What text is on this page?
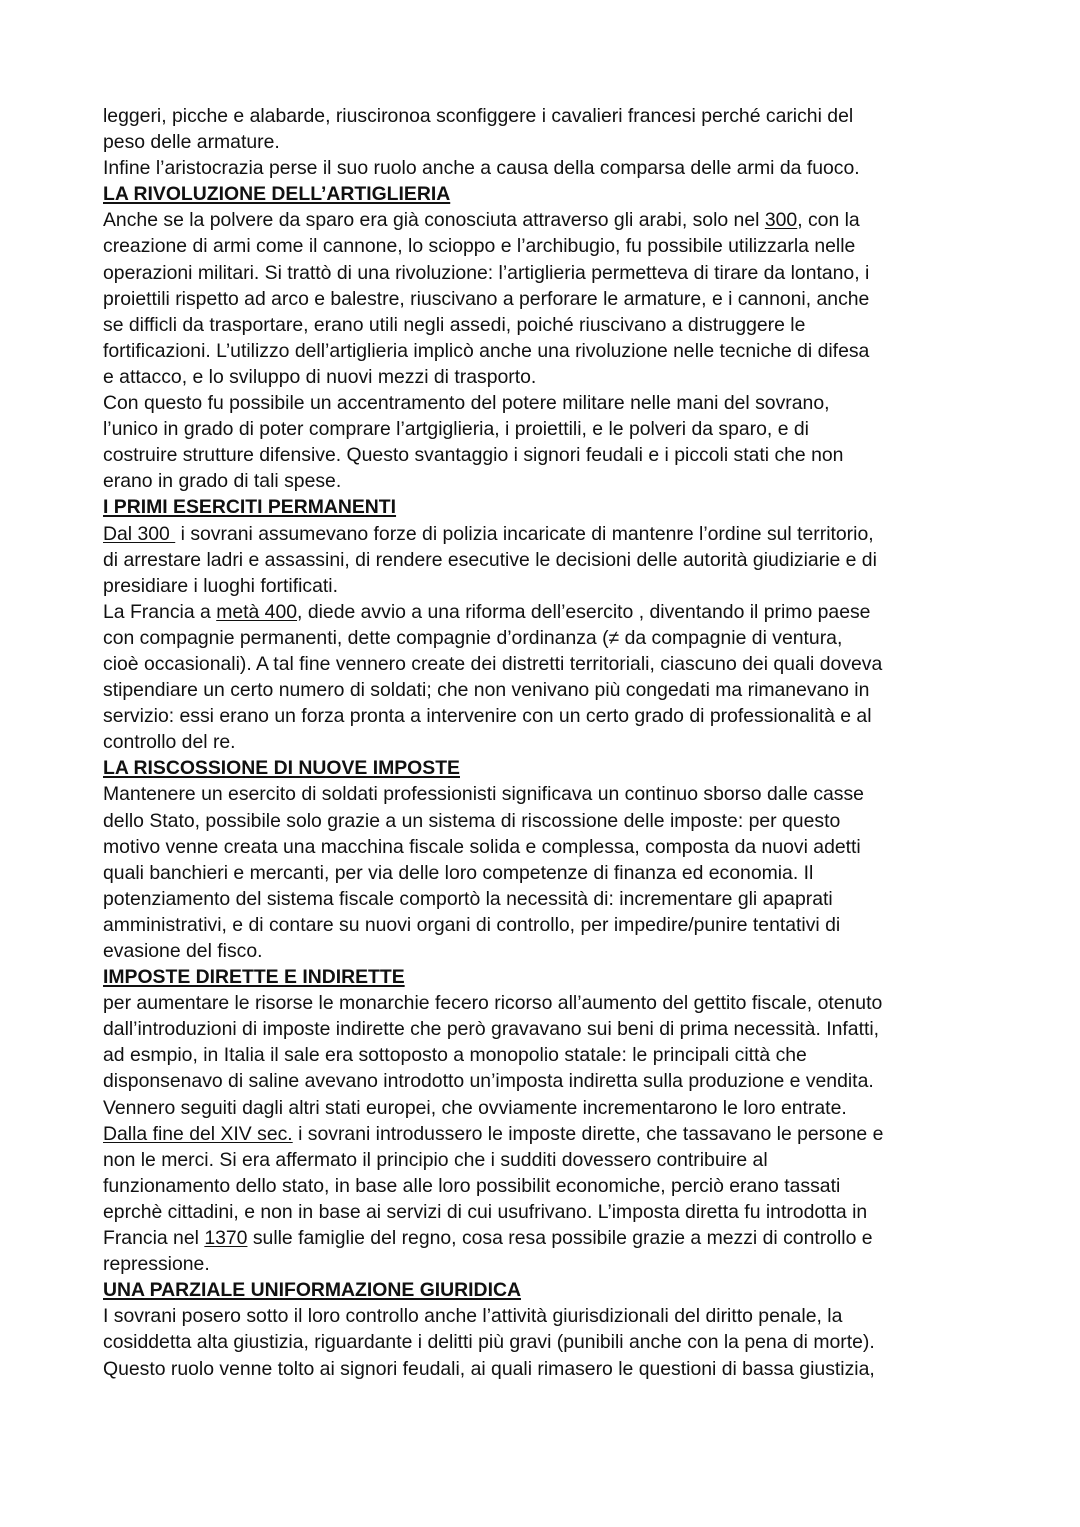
leggeri, picche e alabarde, riuscironoa sconfiggere i cavalieri francesi perché carichi del
peso delle armature.
Infine l’aristocrazia perse il suo ruolo anche a causa della comparsa delle armi da fuoco.
LA RIVOLUZIONE DELL’ARTIGLIERIA
Anche se la polvere da sparo era già conosciuta attraverso gli arabi, solo nel 300, con la
creazione di armi come il cannone, lo scioppo e l’archibugio, fu possibile utilizzarla nelle
operazioni militari. Si trattò di una rivoluzione: l’artiglieria permetteva di tirare da lontano, i
proiettili rispetto ad arco e balestre, riuscivano a perforare le armature, e i cannoni, anche
se difficli da trasportare, erano utili negli assedi, poiché riuscivano a distruggere le
fortificazioni. L’utilizzo dell’artiglieria implicò anche una rivoluzione nelle tecniche di difesa
e attacco, e lo sviluppo di nuovi mezzi di trasporto.
Con questo fu possibile un accentramento del potere militare nelle mani del sovrano,
l’unico in grado di poter comprare l’artgiglieria, i proiettili, e le polveri da sparo, e di
costruire strutture difensive. Questo svantaggio i signori feudali e i piccoli stati che non
erano in grado di tali spese.
I PRIMI ESERCITI PERMANENTI
Dal 300  i sovrani assumevano forze di polizia incaricate di mantenre l’ordine sul territorio,
di arrestare ladri e assassini, di rendere esecutive le decisioni delle autorità giudiziarie e di
presidiare i luoghi fortificati.
La Francia a metà 400, diede avvio a una riforma dell’esercito , diventando il primo paese
con compagnie permanenti, dette compagnie d’ordinanza (≠ da compagnie di ventura,
cioè occasionali). A tal fine vennero create dei distretti territoriali, ciascuno dei quali doveva
stipendiare un certo numero di soldati; che non venivano più congedati ma rimanevano in
servizio: essi erano un forza pronta a intervenire con un certo grado di professionalità e al
controllo del re.
LA RISCOSSIONE DI NUOVE IMPOSTE
Mantenere un esercito di soldati professionisti significava un continuo sborso dalle casse
dello Stato, possibile solo grazie a un sistema di riscossione delle imposte: per questo
motivo venne creata una macchina fiscale solida e complessa, composta da nuovi adetti
quali banchieri e mercanti, per via delle loro competenze di finanza ed economia. Il
potenziamento del sistema fiscale comportò la necessità di: incrementare gli apaprati
amministrativi, e di contare su nuovi organi di controllo, per impedire/punire tentativi di
evasione del fisco.
IMPOSTE DIRETTE E INDIRETTE
per aumentare le risorse le monarchie fecero ricorso all’aumento del gettito fiscale, otenuto
dall’introduzioni di imposte indirette che però gravavano sui beni di prima necessità. Infatti,
ad esmpio, in Italia il sale era sottoposto a monopolio statale: le principali città che
disponsenavo di saline avevano introdotto un’imposta indiretta sulla produzione e vendita.
Vennero seguiti dagli altri stati europei, che ovviamente incrementarono le loro entrate.
Dalla fine del XIV sec. i sovrani introdussero le imposte dirette, che tassavano le persone e
non le merci. Si era affermato il principio che i sudditi dovessero contribuire al
funzionamento dello stato, in base alle loro possibilit economiche, perciò erano tassati
eprchè cittadini, e non in base ai servizi di cui usufrivano. L’imposta diretta fu introdotta in
Francia nel 1370 sulle famiglie del regno, cosa resa possibile grazie a mezzi di controllo e
repressione.
UNA PARZIALE UNIFORMAZIONE GIURIDICA
I sovrani posero sotto il loro controllo anche l’attività giurisdizionali del diritto penale, la
cosiddetta alta giustizia, riguardante i delitti più gravi (punibili anche con la pena di morte).
Questo ruolo venne tolto ai signori feudali, ai quali rimasero le questioni di bassa giustizia,
